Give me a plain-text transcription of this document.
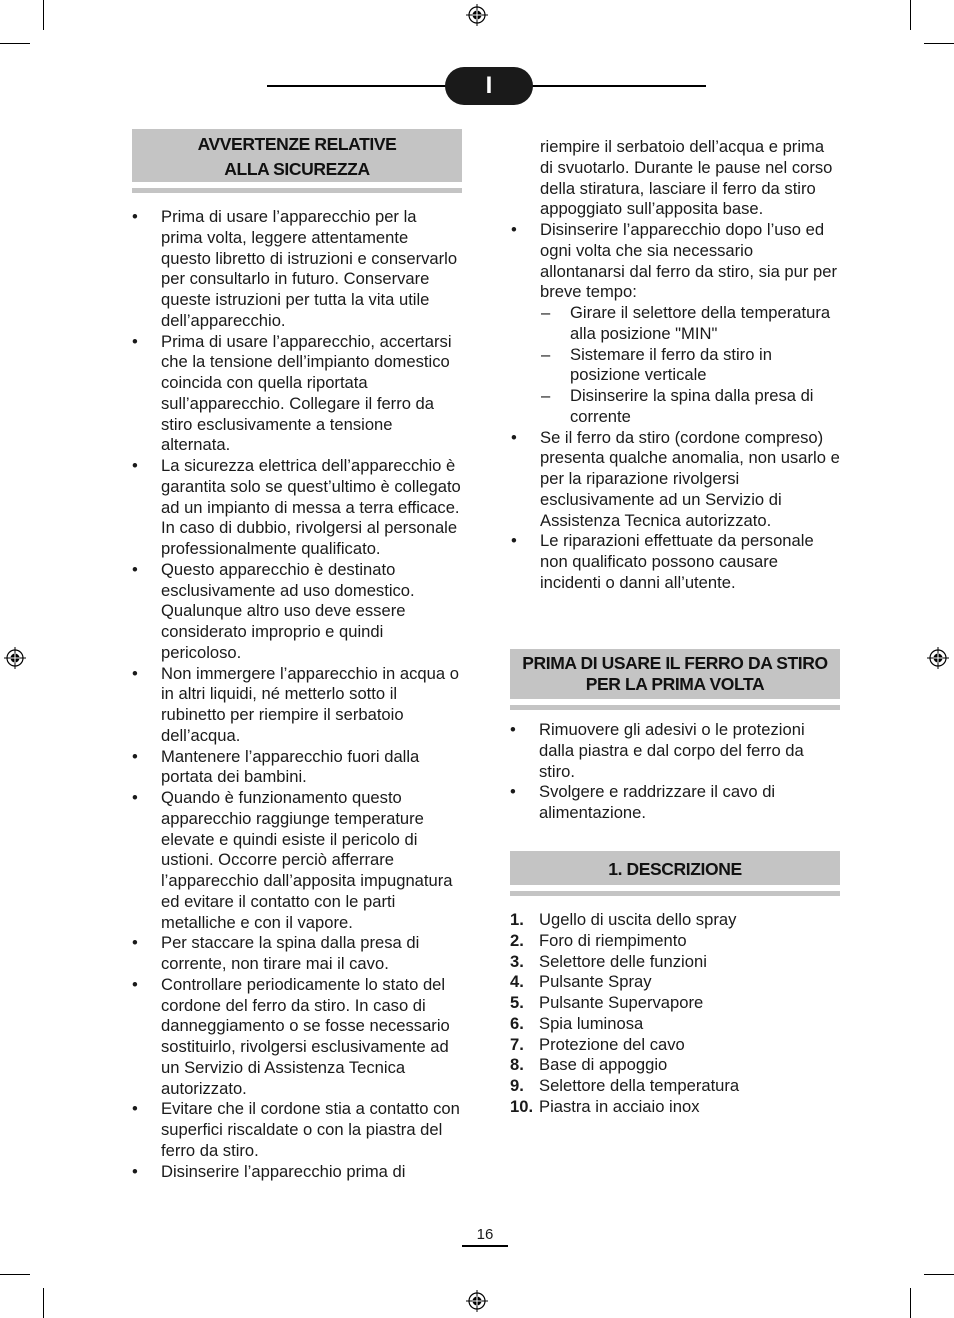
I
AVVERTENZE RELATIVE
ALLA SICUREZZA
• Prima di usare l’apparecchio per la prima volta, leggere attentamente questo libretto di istruzioni e conservarlo per consultarlo in futuro. Conservare queste istruzioni per tutta la vita utile dell’apparecchio.
• Prima di usare l’apparecchio, accertarsi che la tensione dell’impianto domestico coincida con quella riportata sull’apparecchio. Collegare il ferro da stiro esclusivamente a tensione alternata.
• La sicurezza elettrica dell’apparecchio è garantita solo se quest’ultimo è collegato ad un impianto di messa a terra efficace. In caso di dubbio, rivolgersi al personale professionalmente qualificato.
• Questo apparecchio è destinato esclusivamente ad uso domestico. Qualunque altro uso deve essere considerato improprio e quindi pericoloso.
• Non immergere l’apparecchio in acqua o in altri liquidi, né metterlo sotto il rubinetto per riempire il serbatoio dell’acqua.
• Mantenere l’apparecchio fuori dalla portata dei bambini.
• Quando è funzionamento questo apparecchio raggiunge temperature elevate e quindi esiste il pericolo di ustioni. Occorre perciò afferrare l’apparecchio dall’apposita impugnatura ed evitare il contatto con le parti metalliche e con il vapore.
• Per staccare la spina dalla presa di corrente, non tirare mai il cavo.
• Controllare periodicamente lo stato del cordone del ferro da stiro. In caso di danneggiamento o se fosse necessario sostituirlo, rivolgersi esclusivamente ad un Servizio di Assistenza Tecnica autorizzato.
• Evitare che il cordone stia a contatto con superfici riscaldate o con la piastra del ferro da stiro.
• Disinserire l’apparecchio prima di
riempire il serbatoio dell’acqua e prima di svuotarlo. Durante le pause nel corso della stiratura, lasciare il ferro da stiro appoggiato sull’apposita base.
• Disinserire l’apparecchio dopo l’uso ed ogni volta che sia necessario allontanarsi dal ferro da stiro, sia pur per breve tempo:
– Girare il selettore della temperatura alla posizione "MIN"
– Sistemare il ferro da stiro in posizione verticale
– Disinserire la spina dalla presa di corrente
• Se il ferro da stiro (cordone compreso) presenta qualche anomalia, non usarlo e per la riparazione rivolgersi esclusivamente ad un Servizio di Assistenza Tecnica autorizzato.
• Le riparazioni effettuate da personale non qualificato possono causare incidenti o danni all’utente.
PRIMA DI USARE IL FERRO DA STIRO
PER LA PRIMA VOLTA
• Rimuovere gli adesivi o le protezioni dalla piastra e dal corpo del ferro da stiro.
• Svolgere e raddrizzare il cavo di alimentazione.
1. DESCRIZIONE
1. Ugello di uscita dello spray
2. Foro di riempimento
3. Selettore delle funzioni
4. Pulsante Spray
5. Pulsante Supervapore
6. Spia luminosa
7. Protezione del cavo
8. Base di appoggio
9. Selettore della temperatura
10. Piastra in acciaio inox
16
